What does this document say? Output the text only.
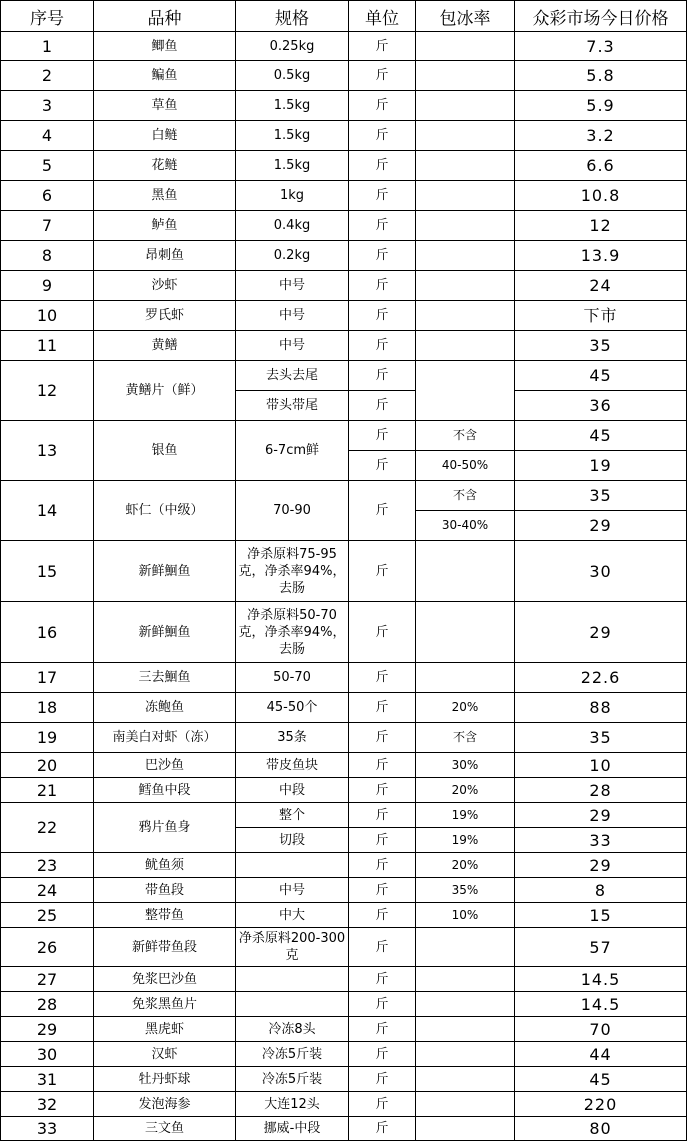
序号	品种	规格	单位	包冰率	众彩市场今日价格
1	鲫鱼	0.25kg	斤		7.3
2	鳊鱼	0.5kg	斤		5.8
3	草鱼	1.5kg	斤		5.9
4	白鲢	1.5kg	斤		3.2
5	花鲢	1.5kg	斤		6.6
6	黑鱼	1kg	斤		10.8
7	鲈鱼	0.4kg	斤		12
8	昂刺鱼	0.2kg	斤		13.9
9	沙虾	中号	斤		24
10	罗氏虾	中号	斤		下市
11	黄鳝	中号	斤		35
12	黄鳝片（鲜）	去头去尾	斤		45
		带头带尾	斤		36
13	银鱼	6-7cm鲜	斤	不含	45
			斤	40-50%	19
14	虾仁（中级）	70-90	斤	不含	35
				30-40%	29
15	新鲜鮰鱼	净杀原料75-95克，净杀率94%，去肠	斤		30
16	新鲜鮰鱼	净杀原料50-70克，净杀率94%，去肠	斤		29
17	三去鮰鱼	50-70	斤		22.6
18	冻鲍鱼	45-50个	斤	20%	88
19	南美白对虾（冻）	35条	斤	不含	35
20	巴沙鱼	带皮鱼块	斤	30%	10
21	鳕鱼中段	中段	斤	20%	28
22	鸦片鱼身	整个	斤	19%	29
		切段	斤	19%	33
23	鱿鱼须		斤	20%	29
24	带鱼段	中号	斤	35%	8
25	整带鱼	中大	斤	10%	15
26	新鲜带鱼段	净杀原料200-300克	斤		57
27	免浆巴沙鱼		斤		14.5
28	免浆黑鱼片		斤		14.5
29	黑虎虾	冷冻8头	斤		70
30	汉虾	冷冻5斤装	斤		44
31	牡丹虾球	冷冻5斤装	斤		45
32	发泡海参	大连12头	斤		220
33	三文鱼	挪威-中段	斤		80
